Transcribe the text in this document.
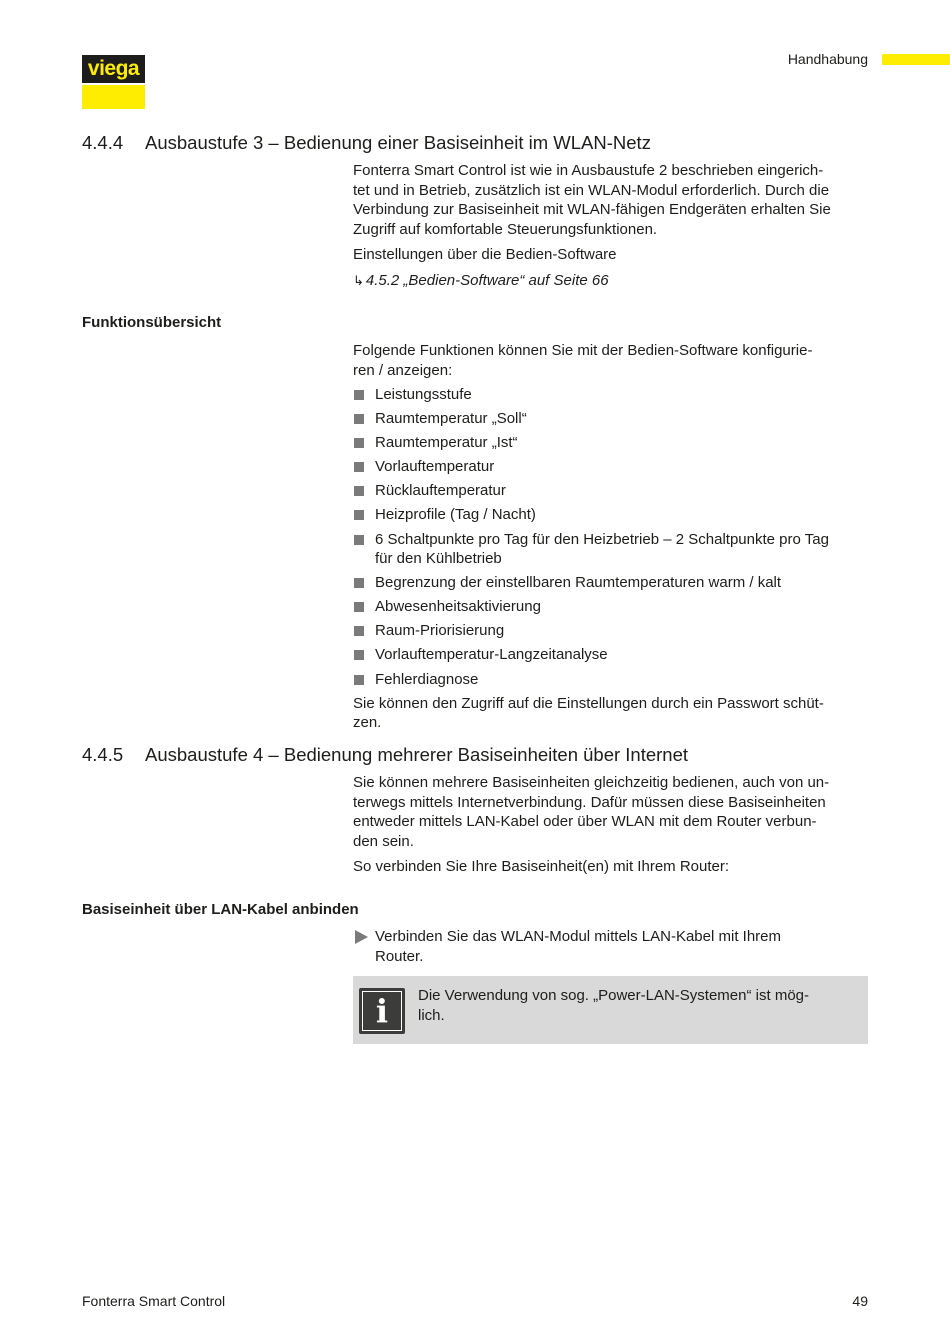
viega	Handhabung
4.4.4 Ausbaustufe 3 – Bedienung einer Basiseinheit im WLAN-Netz

Fonterra Smart Control ist wie in Ausbaustufe 2 beschrieben eingerich-
tet und in Betrieb, zusätzlich ist ein WLAN-Modul erforderlich. Durch die
Verbindung zur Basiseinheit mit WLAN-fähigen Endgeräten erhalten Sie
Zugriff auf komfortable Steuerungsfunktionen.

Einstellungen über die Bedien-Software

↳ 4.5.2 „Bedien-Software“ auf Seite 66

Funktionsübersicht

Folgende Funktionen können Sie mit der Bedien-Software konfigurie-
ren / anzeigen:

Leistungsstufe
Raumtemperatur „Soll“
Raumtemperatur „Ist“
Vorlauftemperatur
Rücklauftemperatur
Heizprofile (Tag / Nacht)
6 Schaltpunkte pro Tag für den Heizbetrieb – 2 Schaltpunkte pro Tag
für den Kühlbetrieb
Begrenzung der einstellbaren Raumtemperaturen warm / kalt
Abwesenheitsaktivierung
Raum-Priorisierung
Vorlauftemperatur-Langzeitanalyse
Fehlerdiagnose

Sie können den Zugriff auf die Einstellungen durch ein Passwort schüt-
zen.

4.4.5 Ausbaustufe 4 – Bedienung mehrerer Basiseinheiten über Internet

Sie können mehrere Basiseinheiten gleichzeitig bedienen, auch von un-
terwegs mittels Internetverbindung. Dafür müssen diese Basiseinheiten
entweder mittels LAN-Kabel oder über WLAN mit dem Router verbun-
den sein.

So verbinden Sie Ihre Basiseinheit(en) mit Ihrem Router:

Basiseinheit über LAN-Kabel anbinden
Verbinden Sie das WLAN-Modul mittels LAN-Kabel mit Ihrem
Router.
i	Die Verwendung von sog. „Power-LAN-Systemen“ ist mög-
lich.
Fonterra Smart Control	49
